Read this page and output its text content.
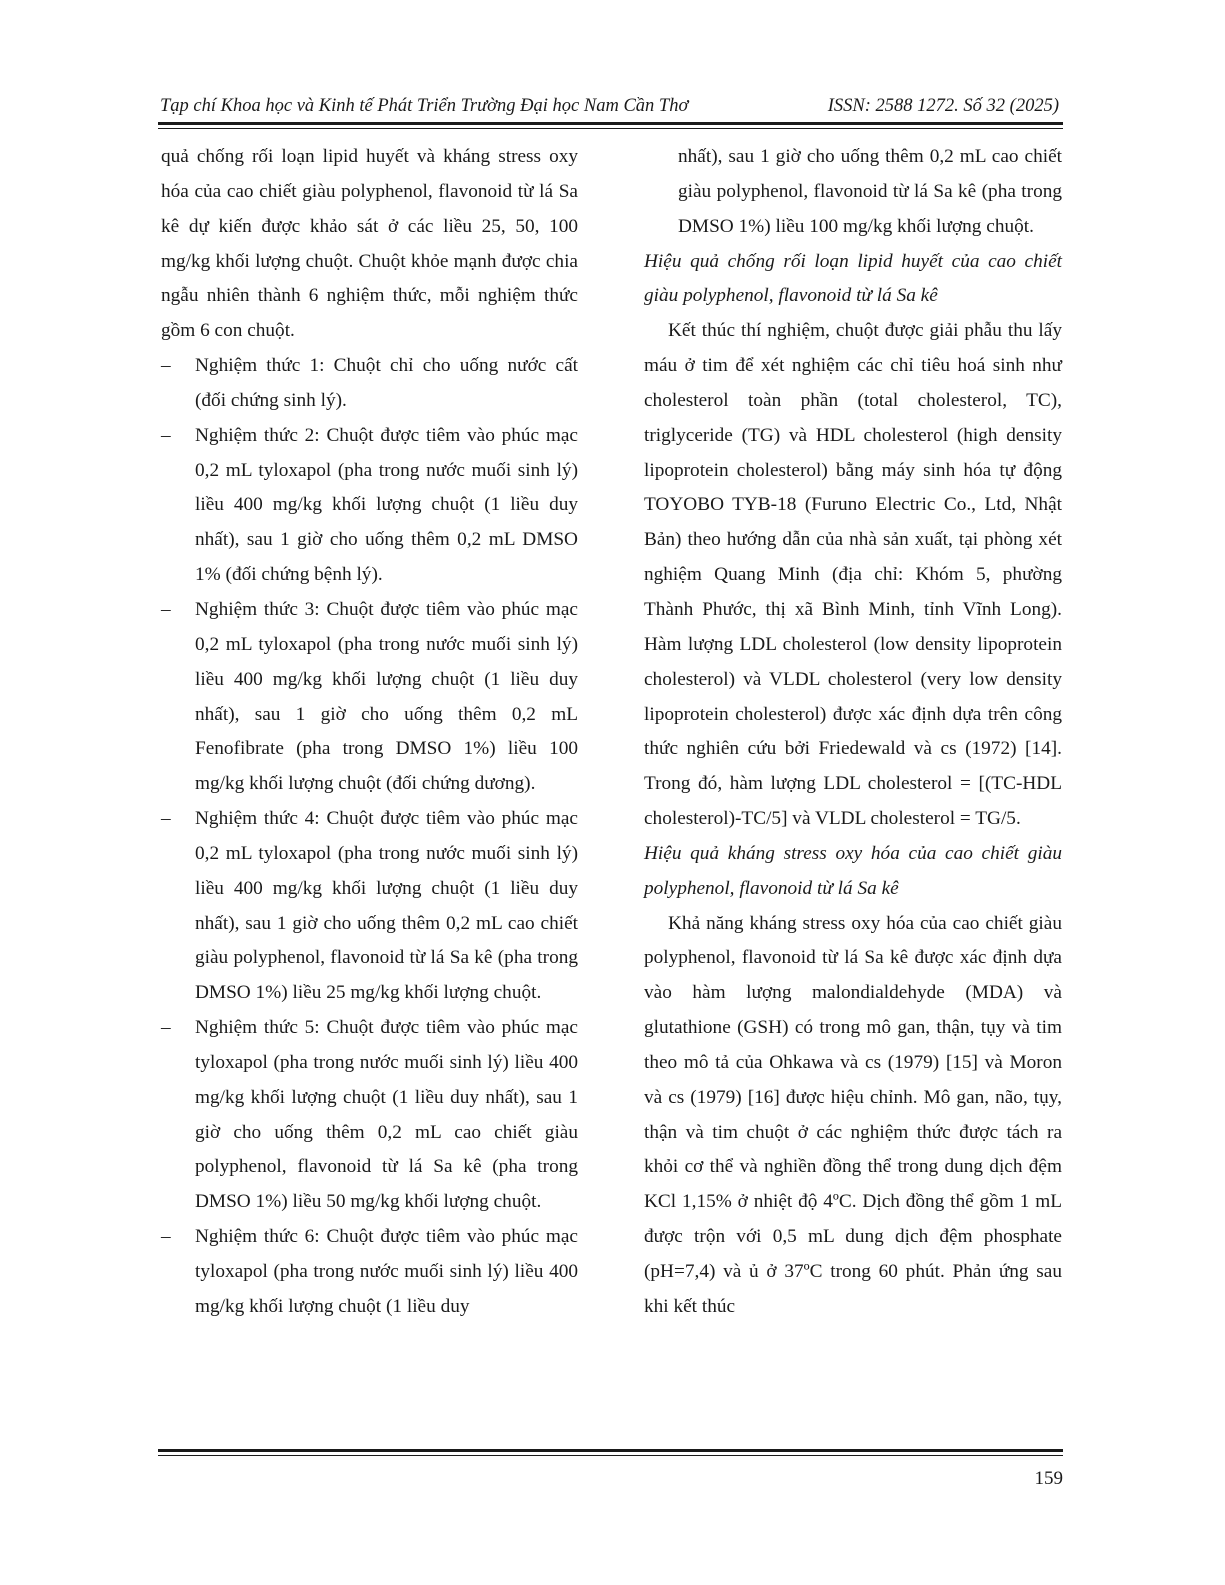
Tạp chí Khoa học và Kinh tế Phát Triển Trường Đại học Nam Cần Thơ	ISSN: 2588 1272. Số 32 (2025)

quả chống rối loạn lipid huyết và kháng stress oxy hóa của cao chiết giàu polyphenol, flavonoid từ lá Sa kê dự kiến được khảo sát ở các liều 25, 50, 100 mg/kg khối lượng chuột. Chuột khỏe mạnh được chia ngẫu nhiên thành 6 nghiệm thức, mỗi nghiệm thức gồm 6 con chuột.

– Nghiệm thức 1: Chuột chỉ cho uống nước cất (đối chứng sinh lý).
– Nghiệm thức 2: Chuột được tiêm vào phúc mạc 0,2 mL tyloxapol (pha trong nước muối sinh lý) liều 400 mg/kg khối lượng chuột (1 liều duy nhất), sau 1 giờ cho uống thêm 0,2 mL DMSO 1% (đối chứng bệnh lý).
– Nghiệm thức 3: Chuột được tiêm vào phúc mạc 0,2 mL tyloxapol (pha trong nước muối sinh lý) liều 400 mg/kg khối lượng chuột (1 liều duy nhất), sau 1 giờ cho uống thêm 0,2 mL Fenofibrate (pha trong DMSO 1%) liều 100 mg/kg khối lượng chuột (đối chứng dương).
– Nghiệm thức 4: Chuột được tiêm vào phúc mạc 0,2 mL tyloxapol (pha trong nước muối sinh lý) liều 400 mg/kg khối lượng chuột (1 liều duy nhất), sau 1 giờ cho uống thêm 0,2 mL cao chiết giàu polyphenol, flavonoid từ lá Sa kê (pha trong DMSO 1%) liều 25 mg/kg khối lượng chuột.
– Nghiệm thức 5: Chuột được tiêm vào phúc mạc tyloxapol (pha trong nước muối sinh lý) liều 400 mg/kg khối lượng chuột (1 liều duy nhất), sau 1 giờ cho uống thêm 0,2 mL cao chiết giàu polyphenol, flavonoid từ lá Sa kê (pha trong DMSO 1%) liều 50 mg/kg khối lượng chuột.
– Nghiệm thức 6: Chuột được tiêm vào phúc mạc tyloxapol (pha trong nước muối sinh lý) liều 400 mg/kg khối lượng chuột (1 liều duy

nhất), sau 1 giờ cho uống thêm 0,2 mL cao chiết giàu polyphenol, flavonoid từ lá Sa kê (pha trong DMSO 1%) liều 100 mg/kg khối lượng chuột.

Hiệu quả chống rối loạn lipid huyết của cao chiết giàu polyphenol, flavonoid từ lá Sa kê

Kết thúc thí nghiệm, chuột được giải phẫu thu lấy máu ở tim để xét nghiệm các chỉ tiêu hoá sinh như cholesterol toàn phần (total cholesterol, TC), triglyceride (TG) và HDL cholesterol (high density lipoprotein cholesterol) bằng máy sinh hóa tự động TOYOBO TYB-18 (Furuno Electric Co., Ltd, Nhật Bản) theo hướng dẫn của nhà sản xuất, tại phòng xét nghiệm Quang Minh (địa chỉ: Khóm 5, phường Thành Phước, thị xã Bình Minh, tỉnh Vĩnh Long). Hàm lượng LDL cholesterol (low density lipoprotein cholesterol) và VLDL cholesterol (very low density lipoprotein cholesterol) được xác định dựa trên công thức nghiên cứu bởi Friedewald và cs (1972) [14]. Trong đó, hàm lượng LDL cholesterol = [(TC-HDL cholesterol)-TC/5] và VLDL cholesterol = TG/5.

Hiệu quả kháng stress oxy hóa của cao chiết giàu polyphenol, flavonoid từ lá Sa kê

Khả năng kháng stress oxy hóa của cao chiết giàu polyphenol, flavonoid từ lá Sa kê được xác định dựa vào hàm lượng malondialdehyde (MDA) và glutathione (GSH) có trong mô gan, thận, tụy và tim theo mô tả của Ohkawa và cs (1979) [15] và Moron và cs (1979) [16] được hiệu chỉnh. Mô gan, não, tụy, thận và tim chuột ở các nghiệm thức được tách ra khỏi cơ thể và nghiền đồng thể trong dung dịch đệm KCl 1,15% ở nhiệt độ 4ºC. Dịch đồng thể gồm 1 mL được trộn với 0,5 mL dung dịch đệm phosphate (pH=7,4) và ủ ở 37ºC trong 60 phút. Phản ứng sau khi kết thúc

159
